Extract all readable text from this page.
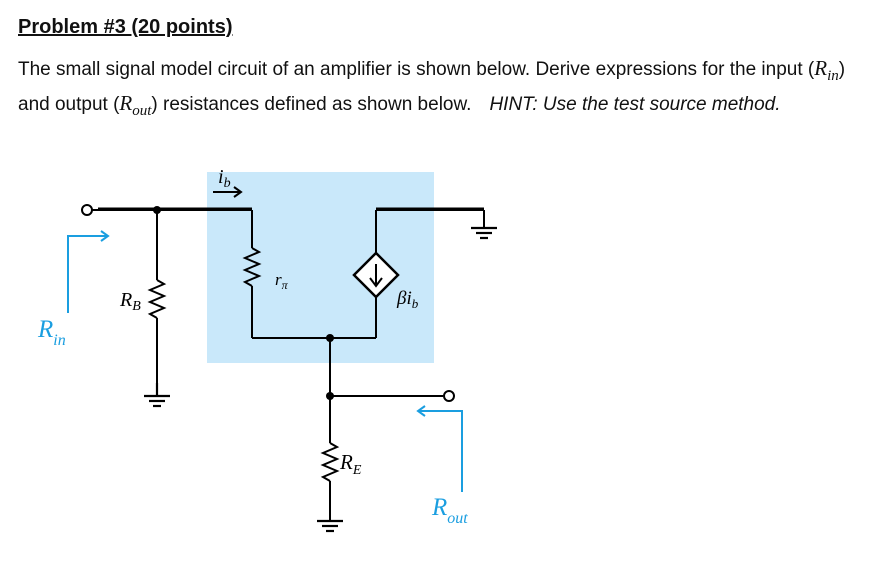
Problem #3 (20 points)

The small signal model circuit of an amplifier is shown below. Derive expressions for the input $(R_{in})$
and output $(R_{out})$ resistances defined as shown below. HINT: Use the test source method.

$i_b$
$R_B$
$r_\pi$
$\beta i_b$
$R_E$
$R_{in}$
$R_{out}$
